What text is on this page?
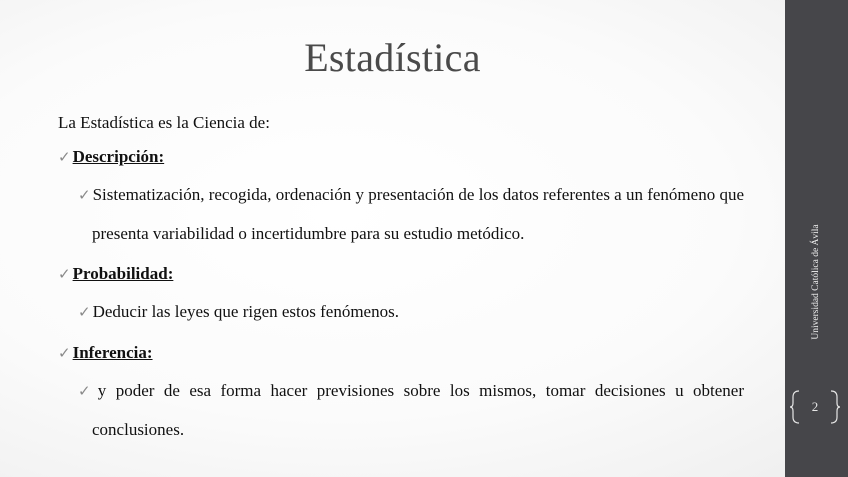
Estadística
La Estadística es la Ciencia de:
✓ Descripción:
✓ Sistematización, recogida, ordenación y presentación de los datos referentes a un fenómeno que presenta variabilidad o incertidumbre para su estudio metódico.
✓ Probabilidad:
✓ Deducir las leyes que rigen estos fenómenos.
✓ Inferencia:
✓ y poder de esa forma hacer previsiones sobre los mismos, tomar decisiones u obtener conclusiones.
Universidad Católica de Ávila
2
